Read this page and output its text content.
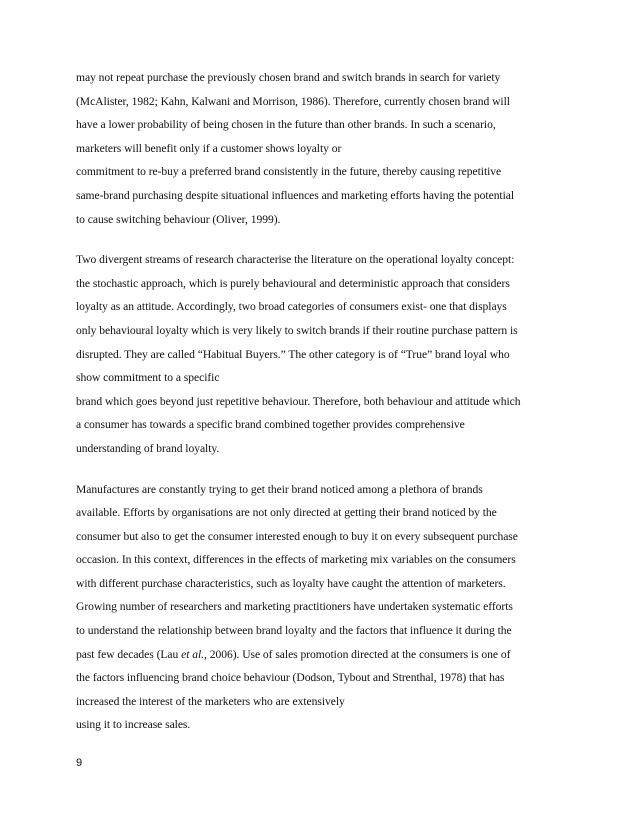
may not repeat purchase the previously chosen brand and switch brands in search for variety
(McAlister, 1982; Kahn, Kalwani and Morrison, 1986). Therefore, currently chosen brand will
have a lower probability of being chosen in the future than other brands. In such a scenario,
marketers will benefit only if a customer shows loyalty or
commitment to re-buy a preferred brand consistently in the future, thereby causing repetitive
same-brand purchasing despite situational influences and marketing efforts having the potential
to cause switching behaviour (Oliver, 1999).

Two divergent streams of research characterise the literature on the operational loyalty concept:
the stochastic approach, which is purely behavioural and deterministic approach that considers
loyalty as an attitude. Accordingly, two broad categories of consumers exist- one that displays
only behavioural loyalty which is very likely to switch brands if their routine purchase pattern is
disrupted. They are called “Habitual Buyers.” The other category is of “True” brand loyal who
show commitment to a specific
brand which goes beyond just repetitive behaviour. Therefore, both behaviour and attitude which
a consumer has towards a specific brand combined together provides comprehensive
understanding of brand loyalty.

Manufactures are constantly trying to get their brand noticed among a plethora of brands
available. Efforts by organisations are not only directed at getting their brand noticed by the
consumer but also to get the consumer interested enough to buy it on every subsequent purchase
occasion. In this context, differences in the effects of marketing mix variables on the consumers
with different purchase characteristics, such as loyalty have caught the attention of marketers.
Growing number of researchers and marketing practitioners have undertaken systematic efforts
to understand the relationship between brand loyalty and the factors that influence it during the
past few decades (Lau et al., 2006). Use of sales promotion directed at the consumers is one of
the factors influencing brand choice behaviour (Dodson, Tybout and Strenthal, 1978) that has
increased the interest of the marketers who are extensively
using it to increase sales.

9
